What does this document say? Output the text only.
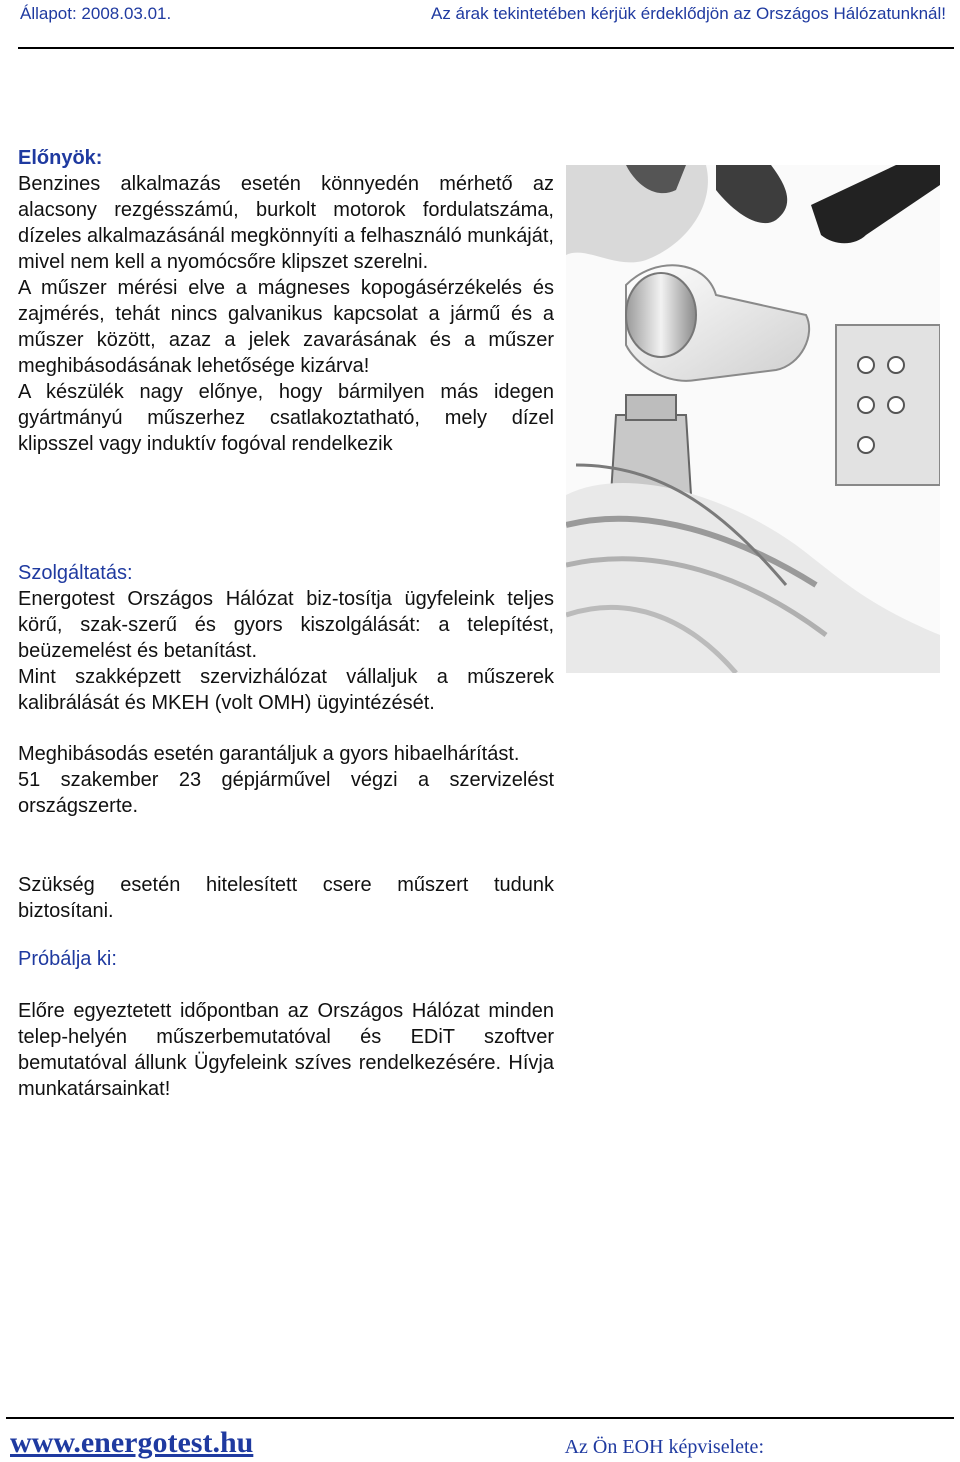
Állapot: 2008.03.01.	Az árak tekintetében kérjük érdeklődjön az Országos Hálózatunknál!

Előnyök:

Benzines alkalmazás esetén könnyedén mérhető az alacsony rezgésszámú, burkolt motorok fordulatszáma, dízeles alkalmazásánál megkönnyíti a felhasználó munkáját, mivel nem kell a nyomócsőre klipszet szerelni.

A műszer mérési elve a mágneses kopogásérzékelés és zajmérés, tehát nincs galvanikus kapcsolat a jármű és a műszer között, azaz a jelek zavarásának és a műszer meghibásodásának lehetősége kizárva!

A készülék nagy előnye, hogy bármilyen más idegen gyártmányú műszerhez csatlakoztatható, mely dízel klipsszel vagy induktív fogóval rendelkezik

Szolgáltatás:

Energotest Országos Hálózat biz-tosítja ügyfeleink teljes körű, szak-szerű és gyors kiszolgálását: a telepítést, beüzemelést és betanítást.

Mint szakképzett szervizhálózat vállaljuk a műszerek kalibrálását és MKEH (volt OMH) ügyintézését.

Meghibásodás esetén garantáljuk a gyors hibaelhárítást.

51 szakember 23 gépjárművel végzi a szervizelést országszerte.

Szükség esetén hitelesített csere műszert tudunk biztosítani.

Próbálja ki:

Előre egyeztetett időpontban az Országos Hálózat minden telep-helyén műszerbemutatóval és EDiT szoftver bemutatóval állunk Ügyfeleink szíves rendelkezésére. Hívja munkatársainkat!

www.energotest.hu	Az Ön EOH képviselete:
